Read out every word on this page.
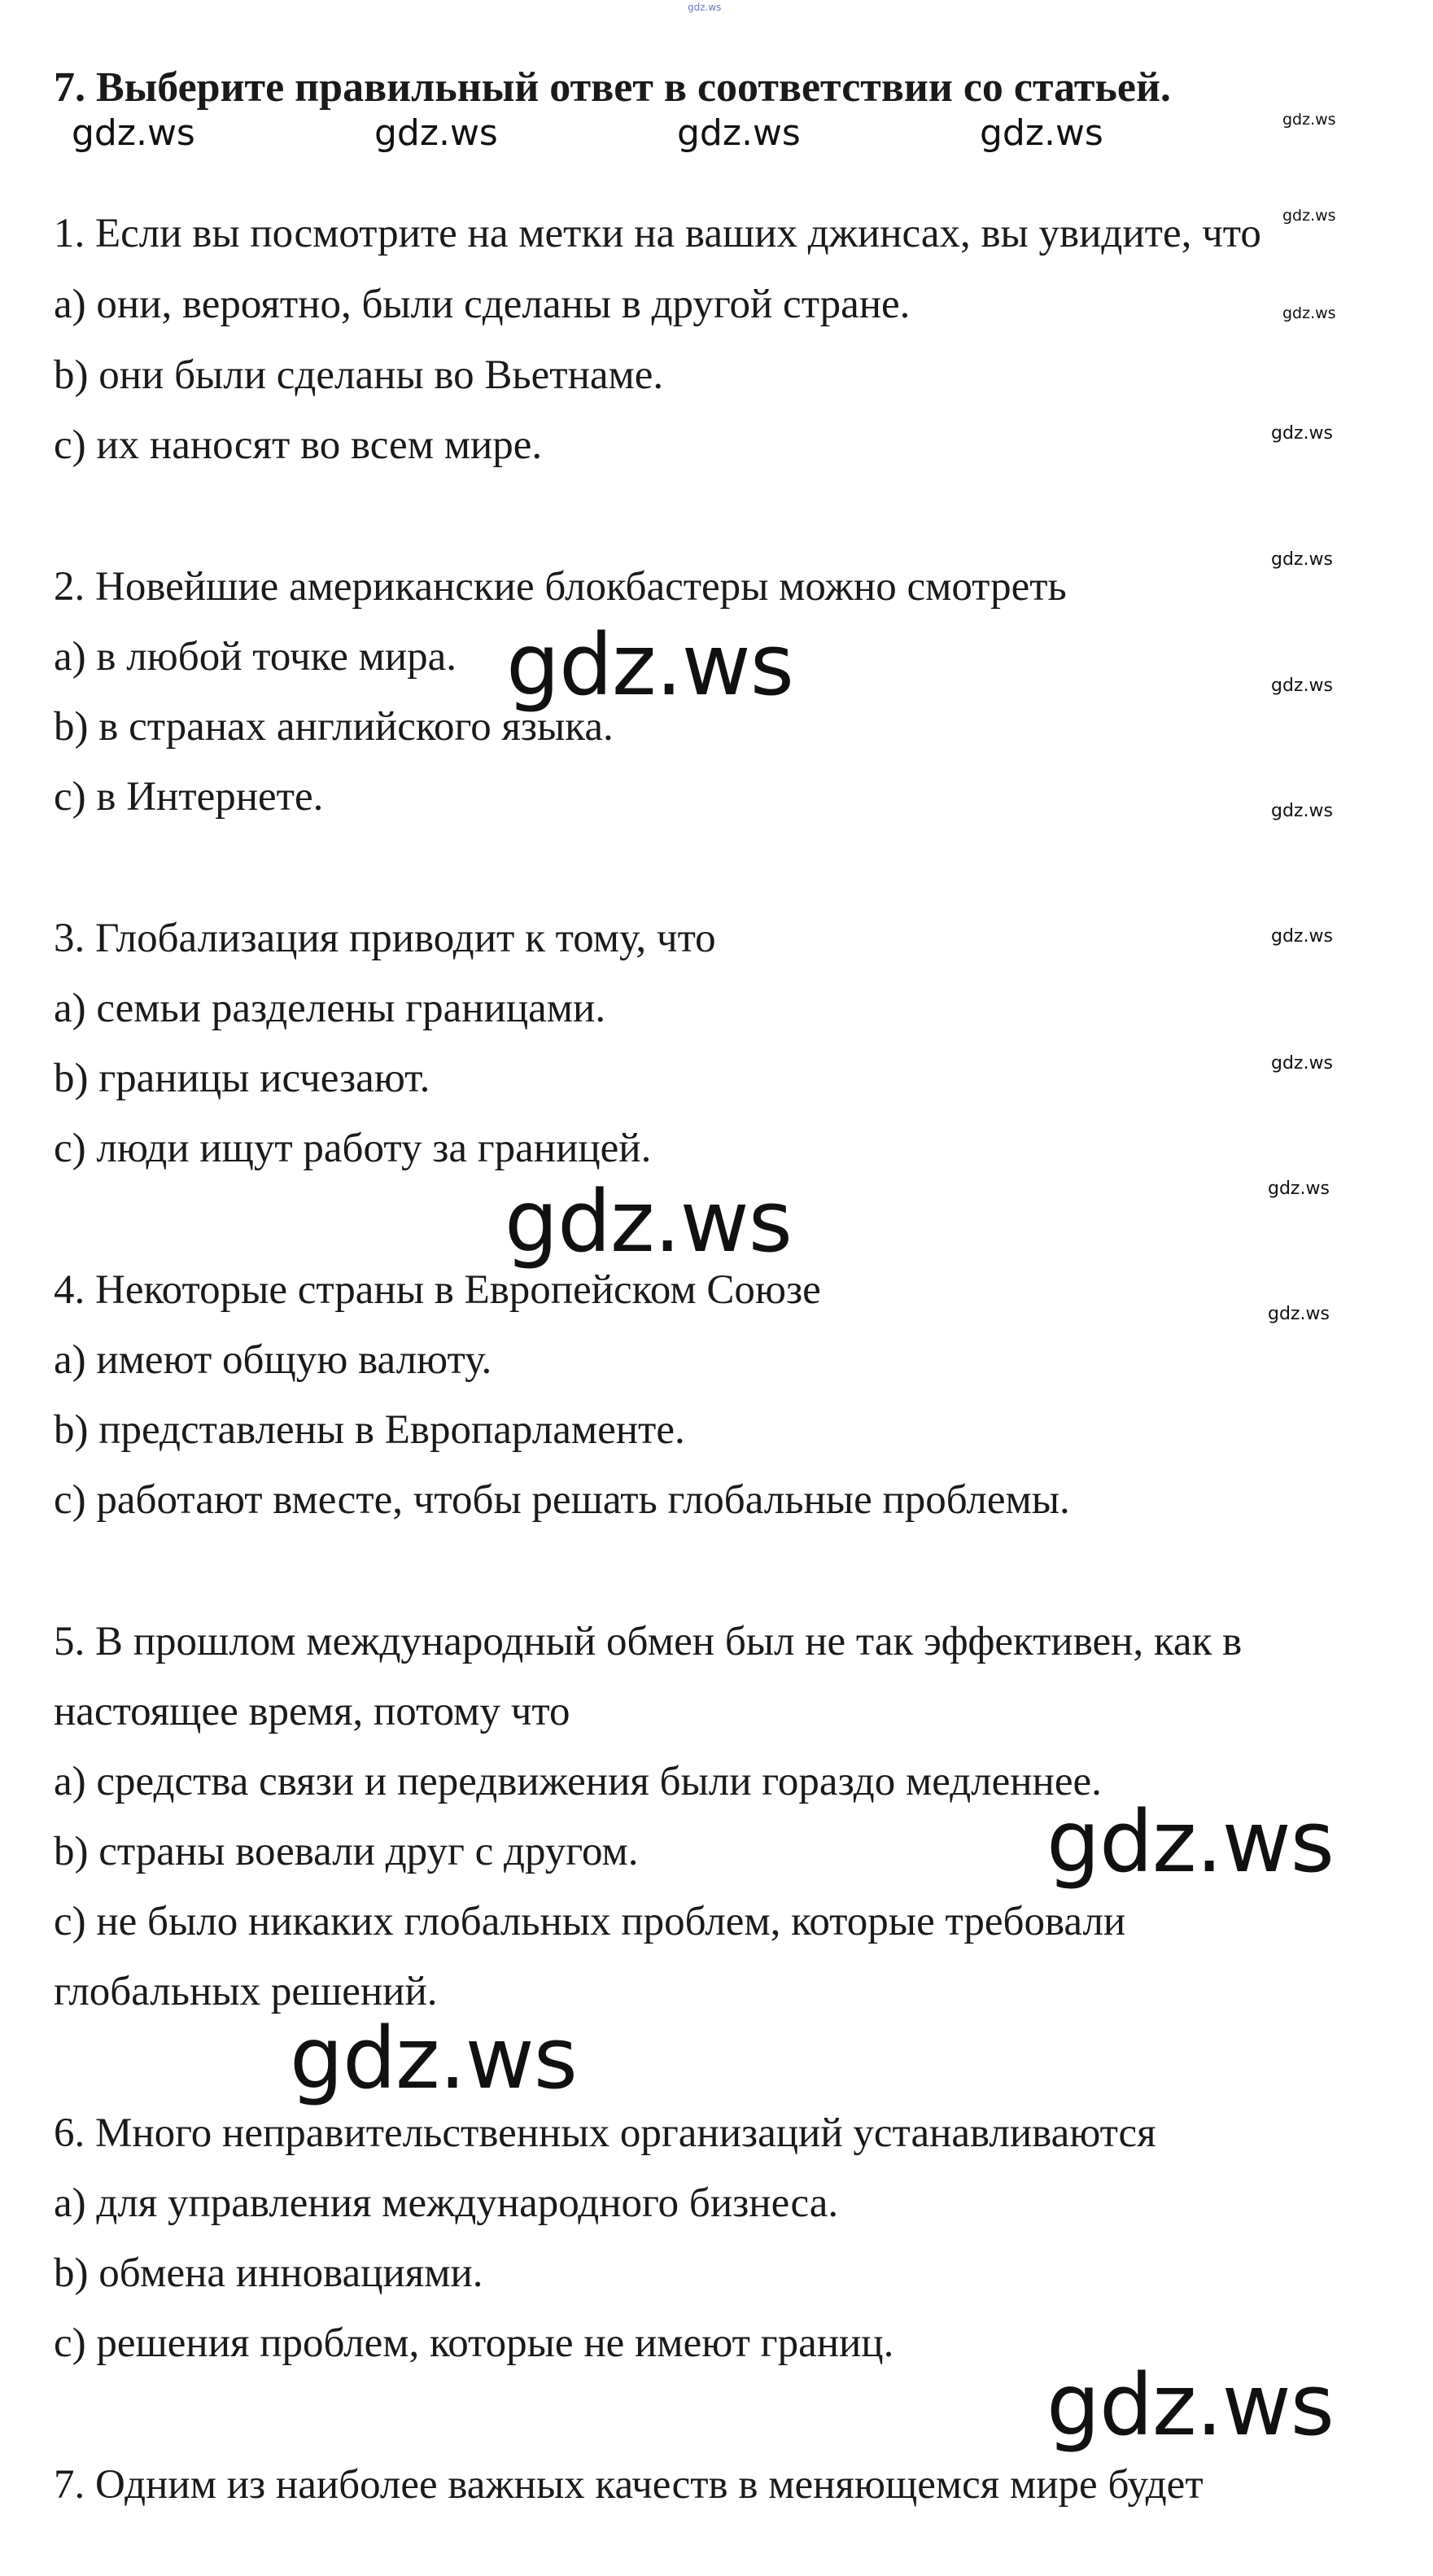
gdz.ws
7. Выберите правильный ответ в соответствии со статьей.
gdz.ws	gdz.ws	gdz.ws	gdz.ws	gdz.ws
gdz.ws
gdz.ws
gdz.ws
gdz.ws
gdz.ws
gdz.ws
gdz.ws
gdz.ws
gdz.ws
gdz.ws
1. Если вы посмотрите на метки на ваших джинсах, вы увидите, что
a) они, вероятно, были сделаны в другой стране.
b) они были сделаны во Вьетнаме.
c) их наносят во всем мире.
2. Новейшие американские блокбастеры можно смотреть
a) в любой точке мира.
b) в странах английского языка.
c) в Интернете.
3. Глобализация приводит к тому, что
a) семьи разделены границами.
b) границы исчезают.
c) люди ищут работу за границей.
4. Некоторые страны в Европейском Союзе
a) имеют общую валюту.
b) представлены в Европарламенте.
c) работают вместе, чтобы решать глобальные проблемы.
5. В прошлом международный обмен был не так эффективен, как в
настоящее время, потому что
a) средства связи и передвижения были гораздо медленнее.
b) страны воевали друг с другом.
c) не было никаких глобальных проблем, которые требовали
глобальных решений.
6. Много неправительственных организаций устанавливаются
a) для управления международного бизнеса.
b) обмена инновациями.
c) решения проблем, которые не имеют границ.
7. Одним из наиболее важных качеств в меняющемся мире будет
gdz.ws
gdz.ws
gdz.ws
gdz.ws
gdz.ws
